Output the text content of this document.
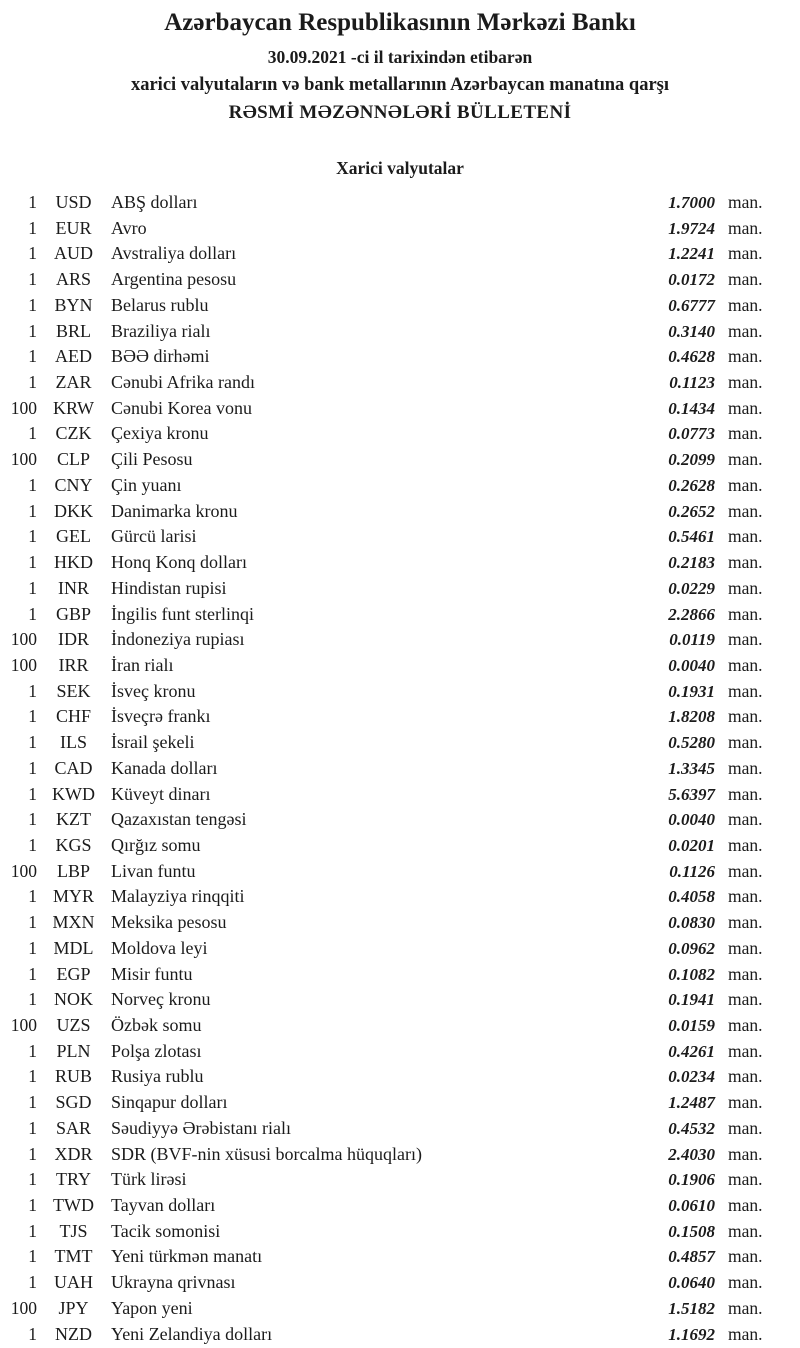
Azərbaycan Respublikasının Mərkəzi Bankı
30.09.2021 -ci il tarixindən etibarən
xarici valyutaların və bank metallarının Azərbaycan manatına qarşı
RƏSMİ MƏZƏNNƏLƏRİ BÜLLETENİ
Xarici valyutalar
1	USD	ABŞ dolları	1.7000 man.
1	EUR	Avro	1.9724 man.
1 AUD	Avstraliya dolları	1.2241 man.
1	ARS	Argentina pesosu	0.0172 man.
1 BYN	Belarus rublu	0.6777 man.
1	BRL	Braziliya rialı	0.3140 man.
1	AED	BƏƏ dirhəmi	0.4628 man.
1	ZAR	Cənubi Afrika randı	0.1123 man.
100 KRW Cənubi Korea vonu	0.1434 man.
1	CZK	Çexiya kronu	0.0773 man.
100	CLP	Çili Pesosu	0.2099 man.
1 CNY	Çin yuanı	0.2628 man.
1 DKK	Danimarka kronu	0.2652 man.
1	GEL	Gürcü larisi	0.5461 man.
1 HKD	Honq Konq dolları	0.2183 man.
1	INR	Hindistan rupisi	0.0229 man.
1	GBP	İngilis funt sterlinqi	2.2866 man.
100	IDR	İndoneziya rupiası	0.0119 man.
100	IRR	İran rialı	0.0040 man.
1	SEK	İsveç kronu	0.1931 man.
1	CHF	İsveçrə frankı	1.8208 man.
1	ILS	İsrail şekeli	0.5280 man.
1 CAD	Kanada dolları	1.3345 man.
1 KWD Küveyt dinarı	5.6397 man.
1	KZT	Qazaxıstan tengəsi	0.0040 man.
1	KGS	Qırğız somu	0.0201 man.
100	LBP	Livan funtu	0.1126 man.
1 MYR Malayziya rinqqiti	0.4058 man.
1 MXN Meksika pesosu	0.0830 man.
1 MDL Moldova leyi	0.0962 man.
1	EGP	Misir funtu	0.1082 man.
1 NOK	Norveç kronu	0.1941 man.
100	UZS	Özbək somu	0.0159 man.
1	PLN	Polşa zlotası	0.4261 man.
1 RUB	Rusiya rublu	0.0234 man.
1	SGD	Sinqapur dolları	1.2487 man.
1	SAR	Səudiyyə Ərəbistanı rialı	0.4532 man.
1 XDR	SDR (BVF-nin xüsusi borcalma hüquqları)	2.4030 man.
1	TRY	Türk lirəsi	0.1906 man.
1 TWD Tayvan dolları	0.0610 man.
1	TJS	Tacik somonisi	0.1508 man.
1 TMT	Yeni türkmən manatı	0.4857 man.
1 UAH	Ukrayna qrivnası	0.0640 man.
100	JPY	Yapon yeni	1.5182 man.
1	NZD	Yeni Zelandiya dolları	1.1692 man.
